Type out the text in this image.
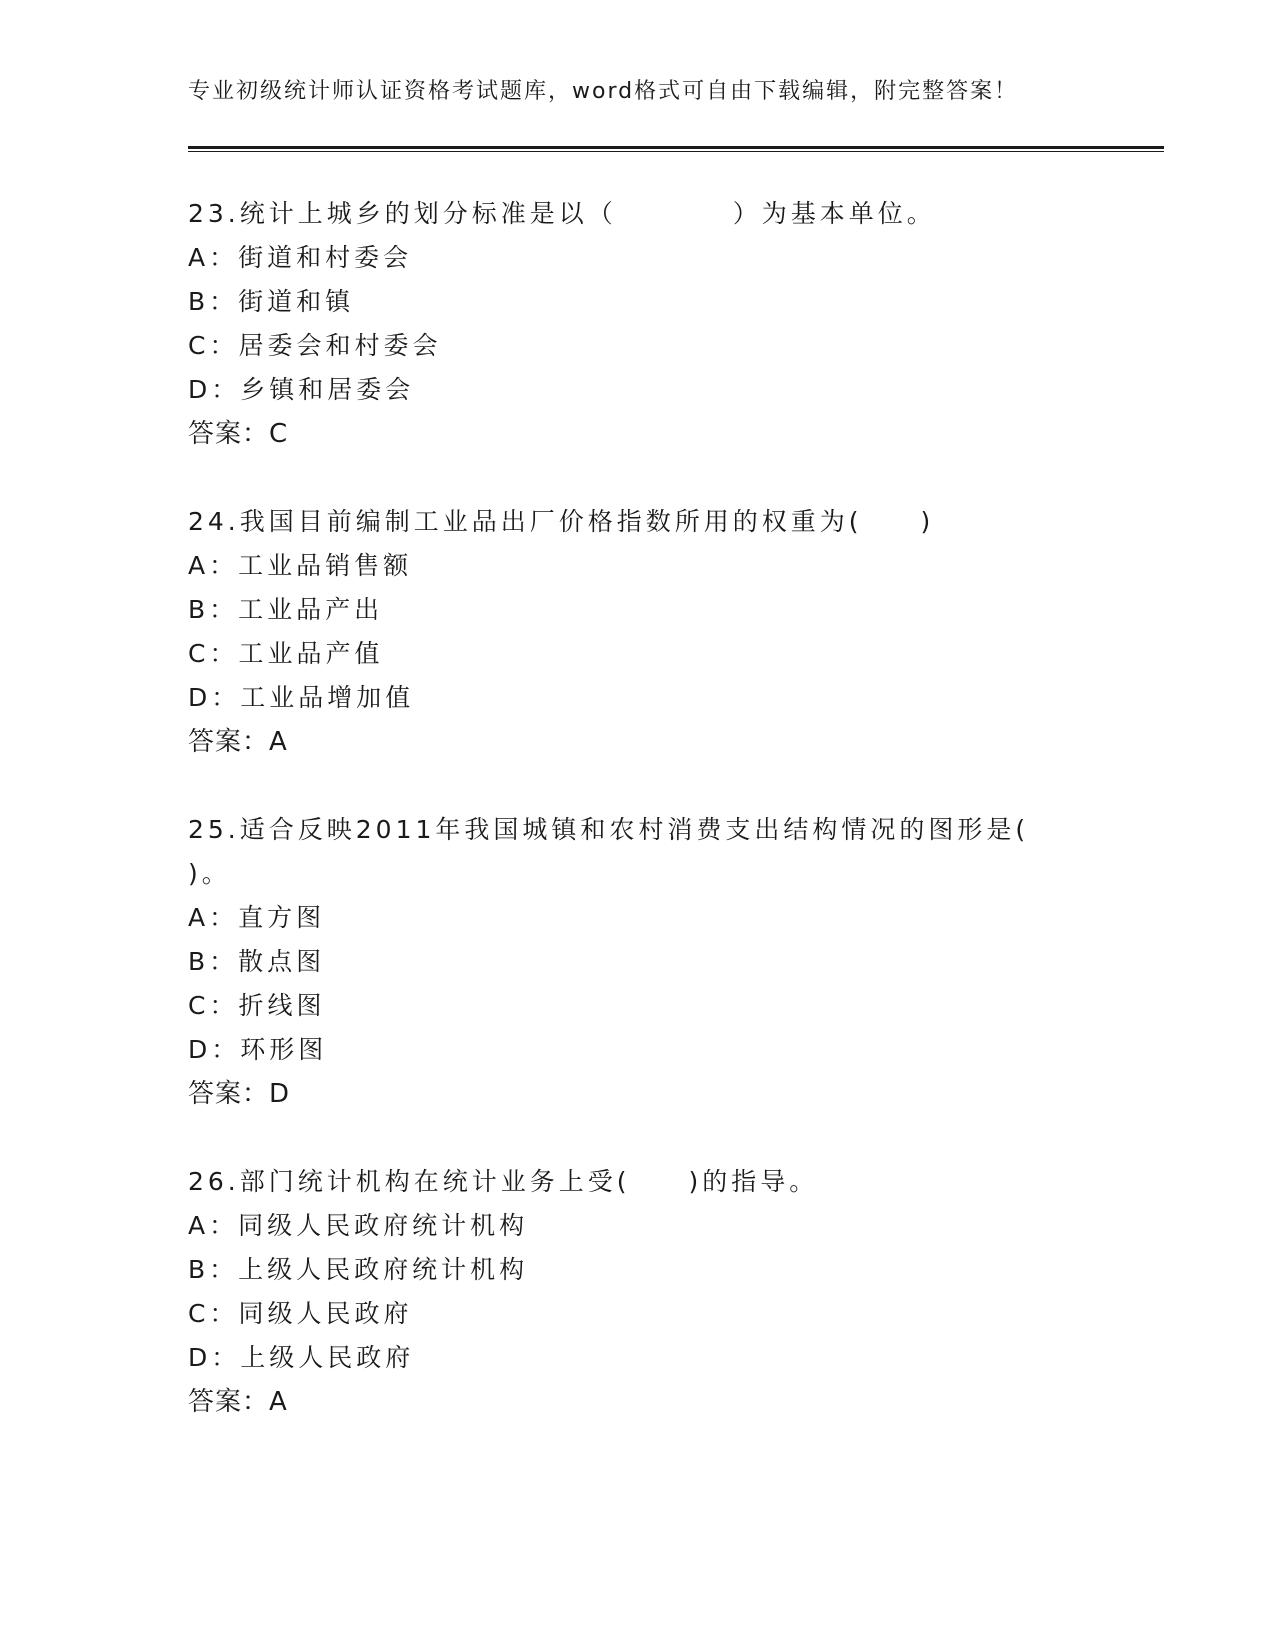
专业初级统计师认证资格考试题库，word格式可自由下载编辑，附完整答案！
23.统计上城乡的划分标准是以（　　　　）为基本单位。
A：街道和村委会
B：街道和镇
C：居委会和村委会
D：乡镇和居委会
答案：C
24.我国目前编制工业品出厂价格指数所用的权重为(　　)
A：工业品销售额
B：工业品产出
C：工业品产值
D：工业品增加值
答案：A
25.适合反映2011年我国城镇和农村消费支出结构情况的图形是(
)。
A：直方图
B：散点图
C：折线图
D：环形图
答案：D
26.部门统计机构在统计业务上受(　　)的指导。
A：同级人民政府统计机构
B：上级人民政府统计机构
C：同级人民政府
D：上级人民政府
答案：A
